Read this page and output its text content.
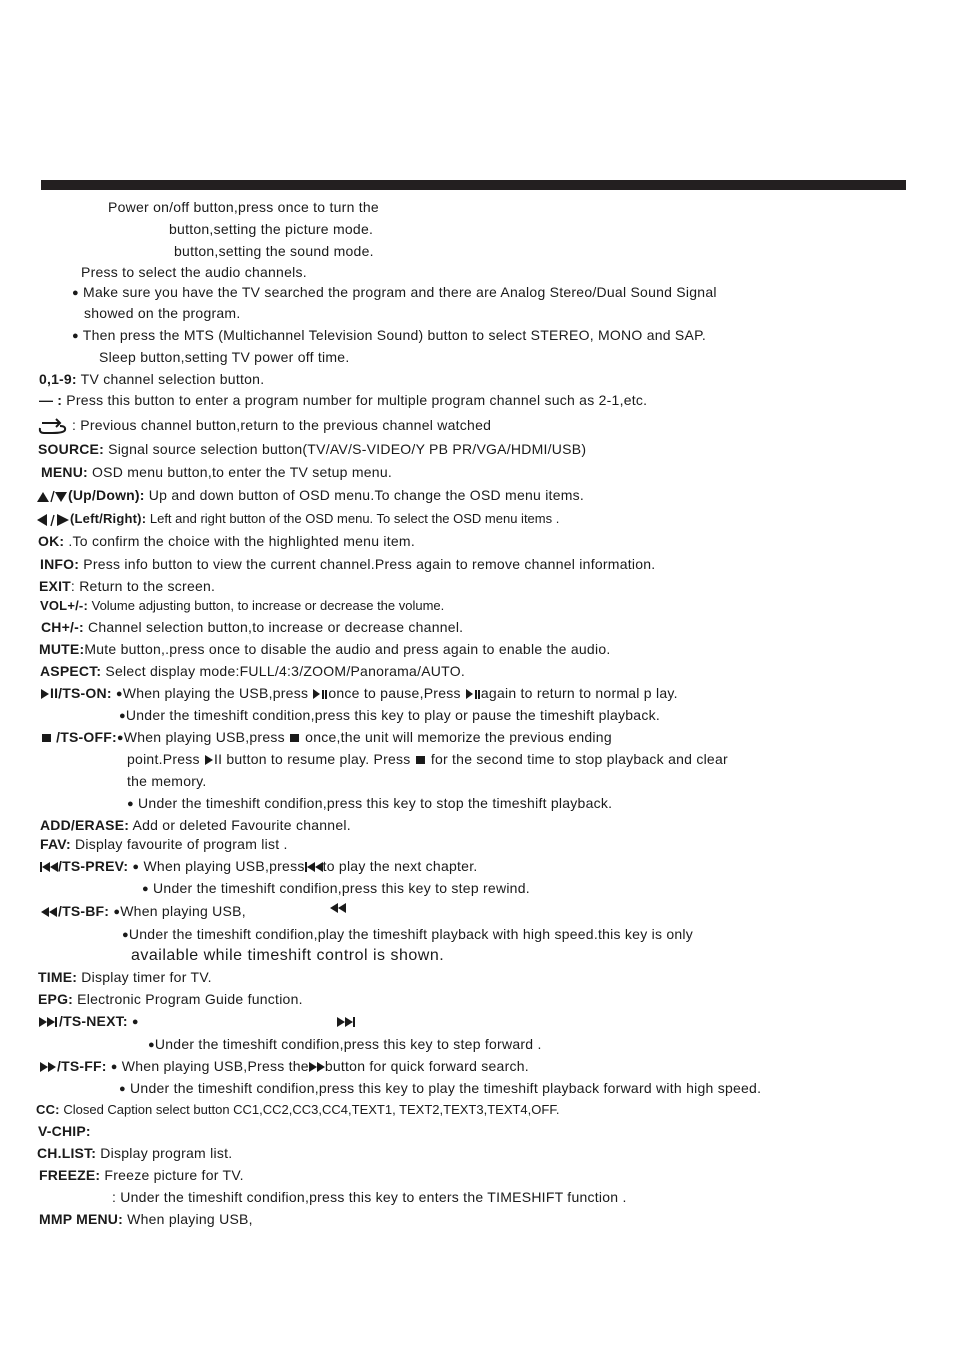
Power on/off button,press once to turn the
button,setting the picture mode.
button,setting the sound mode.
Press to select the audio channels.
● Make sure you have the TV searched the program and there are Analog Stereo/Dual Sound Signal
showed on the program.
● Then press the MTS (Multichannel Television Sound) button to select STEREO, MONO and SAP.
Sleep button,setting TV power off time.
0,1-9: TV channel selection button.
— : Press this button to enter a program number for multiple program channel such as 2-1,etc.
: Previous channel button,return to the previous channel watched
SOURCE: Signal source selection button(TV/AV/S-VIDEO/Y PB PR/VGA/HDMI/USB)
MENU: OSD menu button,to enter the TV setup menu.
(Up/Down): Up and down button of OSD menu.To change the OSD menu items.
(Left/Right): Left and right button of the OSD menu. To select the OSD menu items .
OK: .To confirm the choice with the highlighted menu item.
INFO: Press info button to view the current channel.Press again to remove channel information.
EXIT: Return to the screen.
VOL+/-: Volume adjusting button, to increase or decrease the volume.
CH+/-: Channel selection button,to increase or decrease channel.
MUTE:Mute button,.press once to disable the audio and press again to enable the audio.
ASPECT: Select display mode:FULL/4:3/ZOOM/Panorama/AUTO.
II/TS-ON: ●When playing the USB,press once to pause,Press again to return to normal p lay.
●Under the timeshift condition,press this key to play or pause the timeshift playback.
/TS-OFF:●When playing USB,press once,the unit will memorize the previous ending
point.Press II button to resume play. Press for the second time to stop playback and clear
the memory.
● Under the timeshift condifion,press this key to stop the timeshift playback.
ADD/ERASE: Add or deleted Favourite channel.
FAV: Display favourite of program list .
/TS-PREV: ● When playing USB,press to play the next chapter.
● Under the timeshift condifion,press this key to step rewind.
/TS-BF: ●When playing USB,
●Under the timeshift condifion,play the timeshift playback with high speed.this key is only
available while timeshift control is shown.
TIME: Display timer for TV.
EPG: Electronic Program Guide function.
/TS-NEXT: ●
●Under the timeshift condifion,press this key to step forward .
/TS-FF: ● When playing USB,Press the button for quick forward search.
● Under the timeshift condifion,press this key to play the timeshift playback forward with high speed.
CC: Closed Caption select button CC1,CC2,CC3,CC4,TEXT1, TEXT2,TEXT3,TEXT4,OFF.
V-CHIP:
CH.LIST: Display program list.
FREEZE: Freeze picture for TV.
: Under the timeshift condifion,press this key to enters the TIMESHIFT function .
MMP MENU: When playing USB,
